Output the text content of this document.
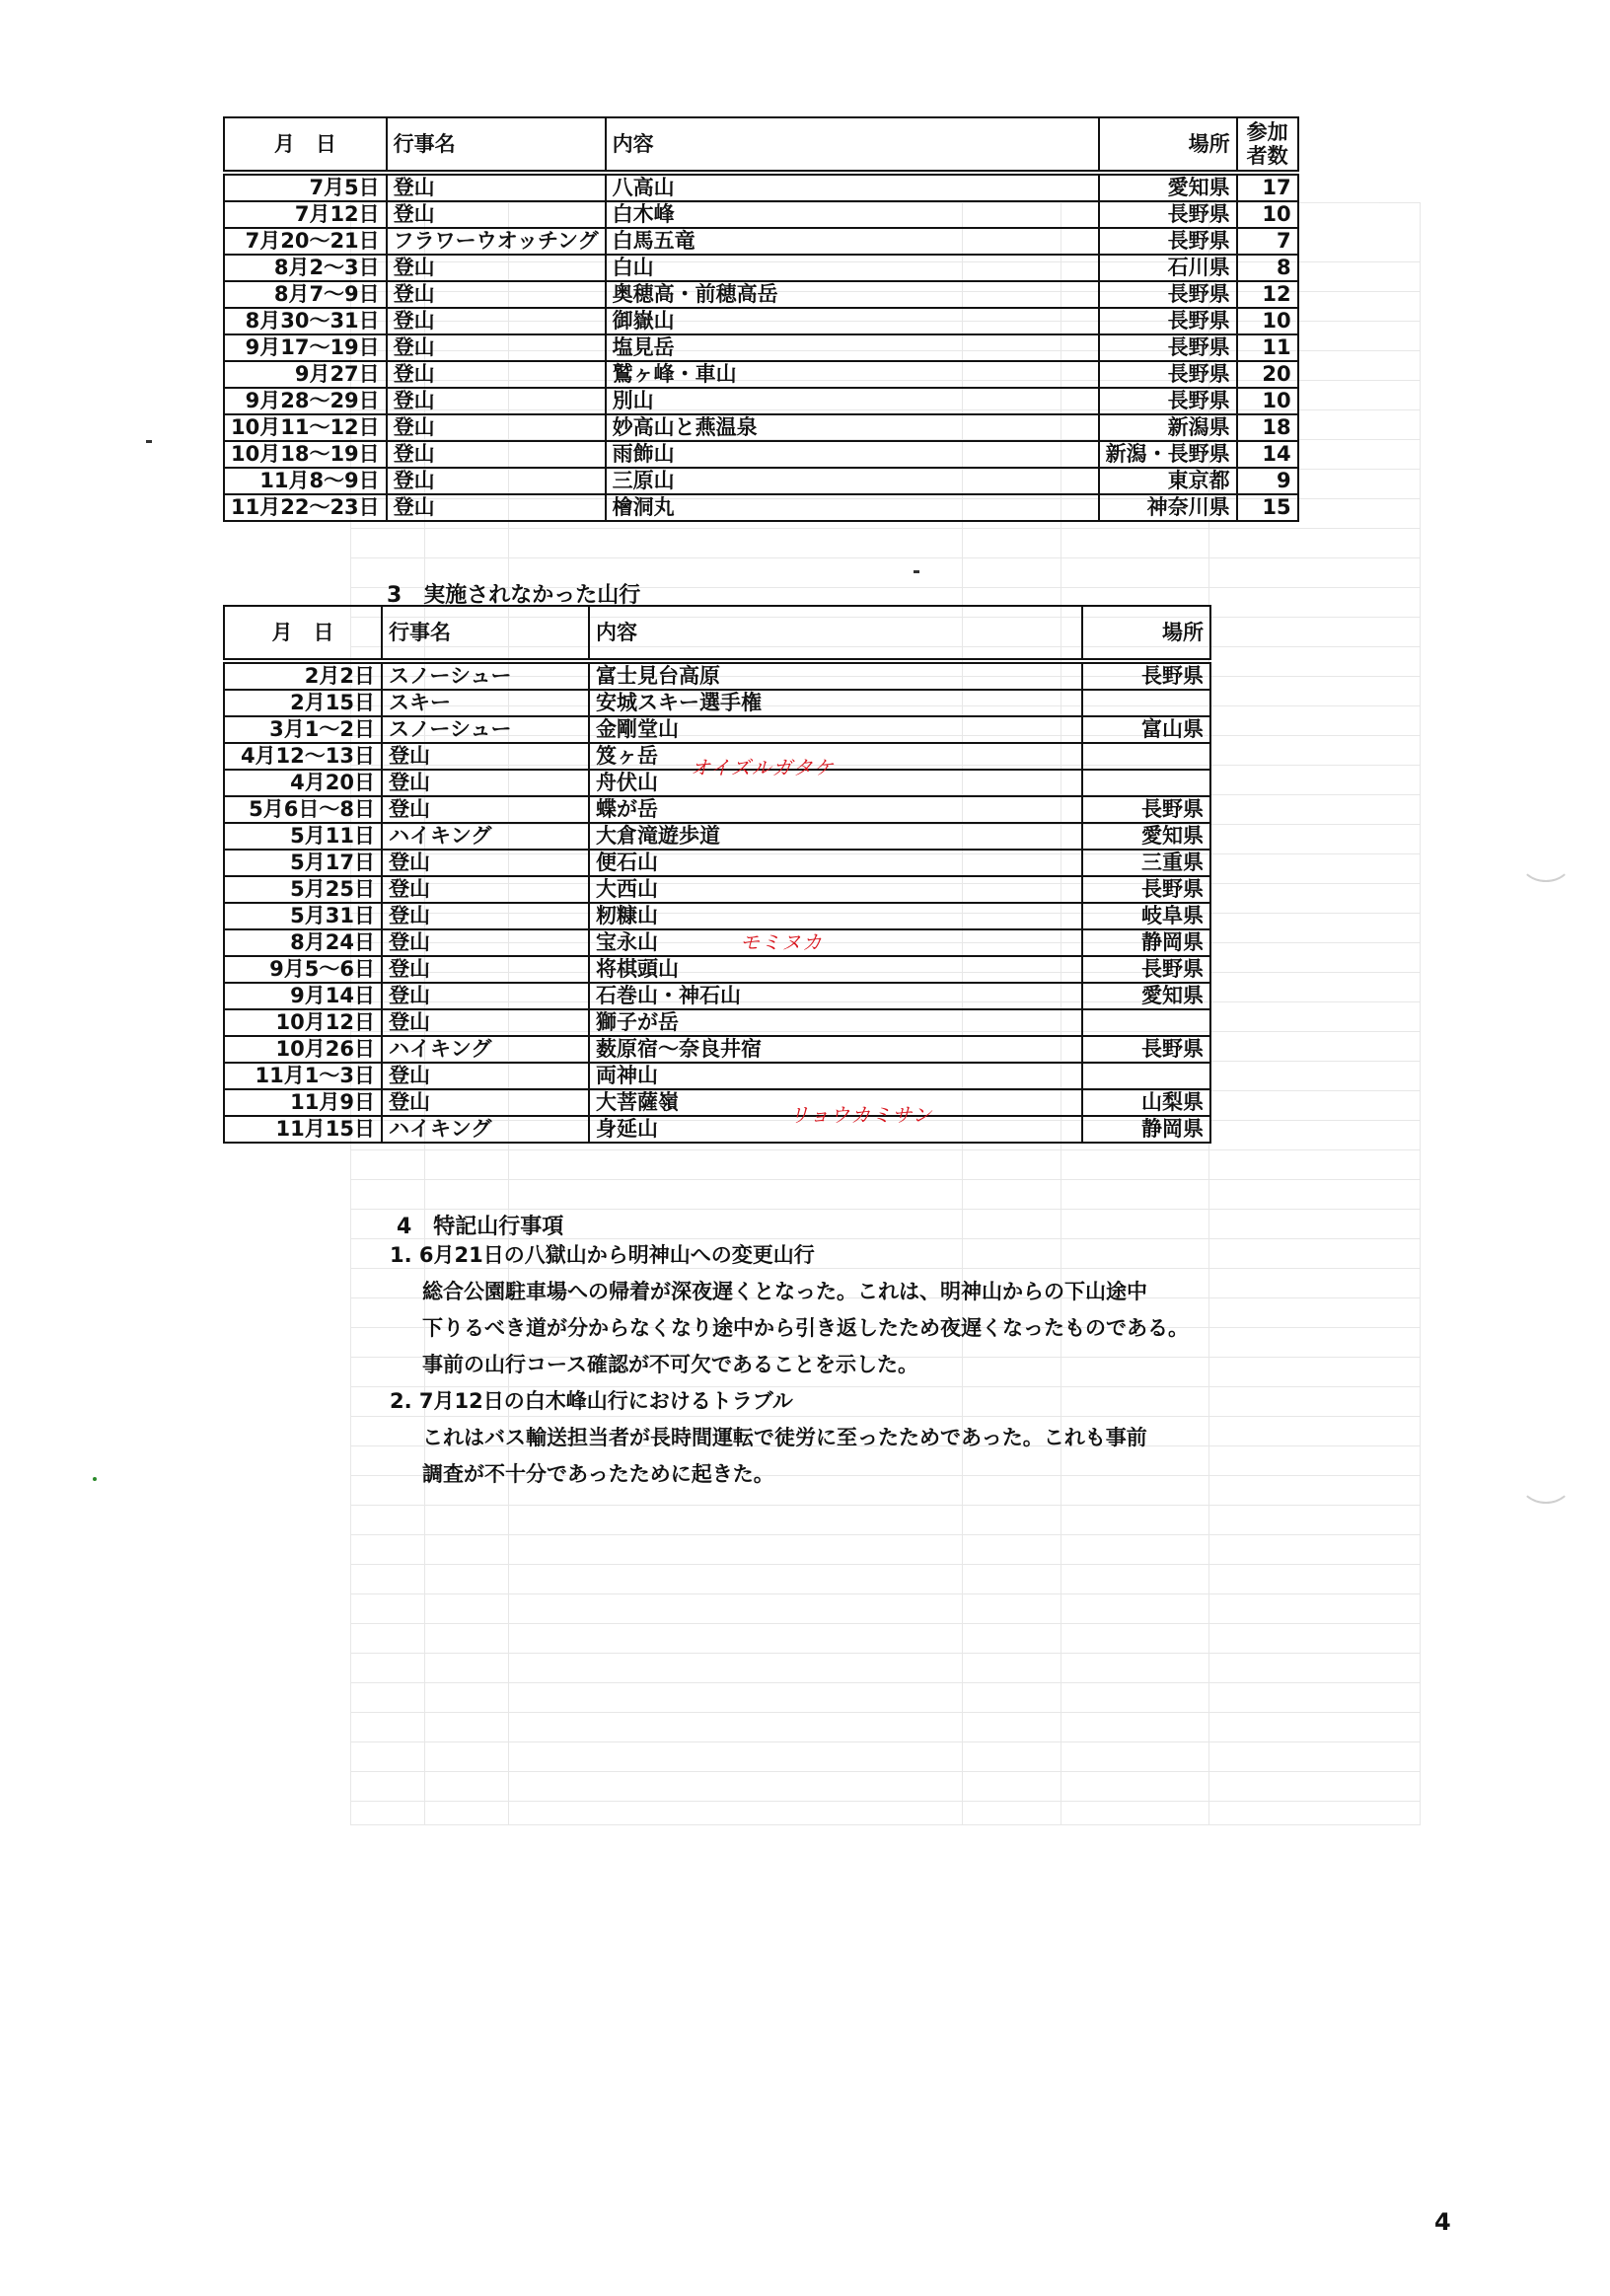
月　日	行事名	内容	場所	参加者数
7月5日	登山	八高山	愛知県	17
7月12日	登山	白木峰	長野県	10
7月20～21日	フラワーウオッチング	白馬五竜	長野県	7
8月2～3日	登山	白山	石川県	8
8月7～9日	登山	奥穂高・前穂高岳	長野県	12
8月30～31日	登山	御嶽山	長野県	10
9月17～19日	登山	塩見岳	長野県	11
9月27日	登山	鷲ヶ峰・車山	長野県	20
9月28～29日	登山	別山	長野県	10
10月11～12日	登山	妙高山と燕温泉	新潟県	18
10月18～19日	登山	雨飾山	新潟・長野県	14
11月8～9日	登山	三原山	東京都	9
11月22～23日	登山	檜洞丸	神奈川県	15
3　実施されなかった山行
月　日	行事名	内容	場所
2月2日	スノーシュー	富士見台高原	長野県
2月15日	スキー	安城スキー選手権	
3月1～2日	スノーシュー	金剛堂山	富山県
4月12～13日	登山	笈ヶ岳	
4月20日	登山	舟伏山	
5月6日～8日	登山	蝶が岳	長野県
5月11日	ハイキング	大倉滝遊歩道	愛知県
5月17日	登山	便石山	三重県
5月25日	登山	大西山	長野県
5月31日	登山	籾糠山	岐阜県
8月24日	登山	宝永山	静岡県
9月5～6日	登山	将棋頭山	長野県
9月14日	登山	石巻山・神石山	愛知県
10月12日	登山	獅子が岳	
10月26日	ハイキング	薮原宿～奈良井宿	長野県
11月1～3日	登山	両神山	
11月9日	登山	大菩薩嶺	山梨県
11月15日	ハイキング	身延山	静岡県
オイズルガタケ
モミヌカ
リョウカミサン
4　特記山行事項
1. 6月21日の八獄山から明神山への変更山行
総合公園駐車場への帰着が深夜遅くとなった。これは、明神山からの下山途中
下りるべき道が分からなくなり途中から引き返したため夜遅くなったものである。
事前の山行コース確認が不可欠であることを示した。
2. 7月12日の白木峰山行におけるトラブル
これはバス輸送担当者が長時間運転で徒労に至ったためであった。これも事前
調査が不十分であったために起きた。
4
